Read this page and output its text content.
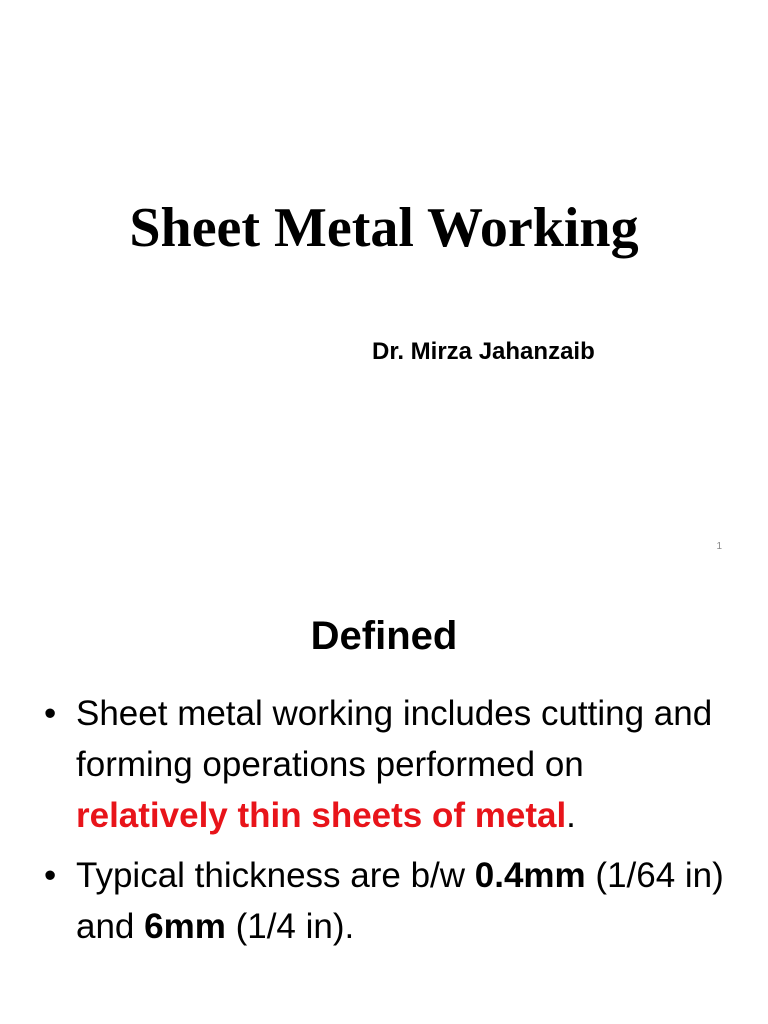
Sheet Metal Working
Dr. Mirza Jahanzaib
1
Defined
• Sheet metal working includes cutting and forming operations performed on relatively thin sheets of metal.
• Typical thickness are b/w 0.4mm (1/64 in) and 6mm (1/4 in).
